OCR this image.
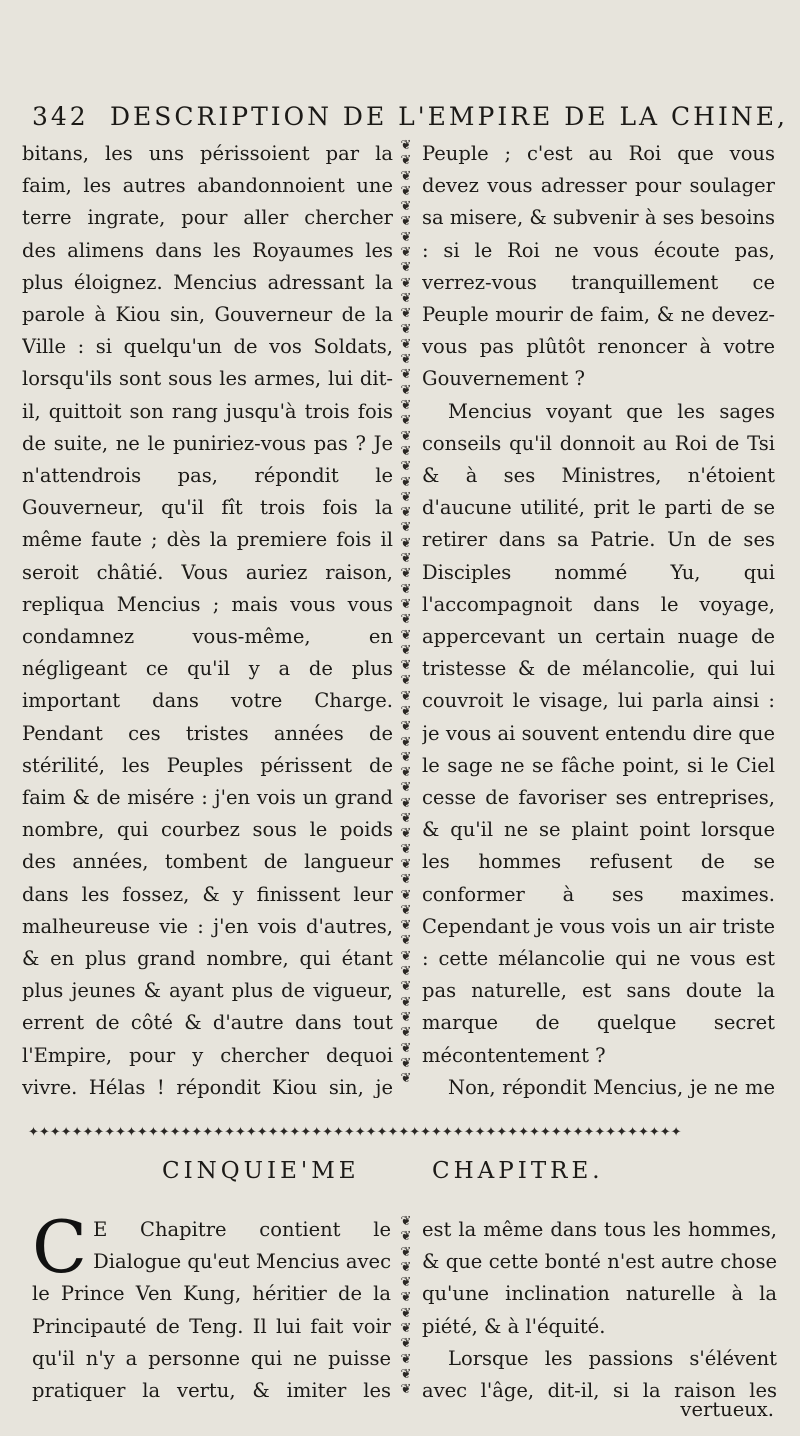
342 DESCRIPTION DE L'EMPIRE DE LA CHINE,

bitans, les uns périssoient par la faim, les autres abandonnoient une terre ingrate, pour aller chercher des alimens dans les Royaumes les plus éloignez. Mencius adressant la parole à Kiou sin, Gouverneur de la Ville : si quelqu'un de vos Soldats, lorsqu'ils sont sous les armes, lui dit-il, quittoit son rang jusqu'à trois fois de suite, ne le puniriez-vous pas ? Je n'attendrois pas, répondit le Gouverneur, qu'il fît trois fois la même faute ; dès la premiere fois il seroit châtié. Vous auriez raison, repliqua Mencius ; mais vous vous condamnez vous-même, en négligeant ce qu'il y a de plus important dans votre Charge. Pendant ces tristes années de stérilité, les Peuples périssent de faim & de misére : j'en vois un grand nombre, qui courbez sous le poids des années, tombent de langueur dans les fossez, & y finissent leur malheureuse vie : j'en vois d'autres, & en plus grand nombre, qui étant plus jeunes & ayant plus de vigueur, errent de côté & d'autre dans tout l'Empire, pour y chercher dequoi vivre. Hélas ! répondit Kiou sin, je

❦
❦
❦
❦
❦
❦
❦
❦
❦
❦
❦
❦
❦
❦
❦
❦
❦
❦
❦
❦
❦
❦
❦
❦
❦
❦
❦
❦
❦
❦
❦
❦
❦
❦
❦
❦
❦
❦
❦
❦
❦
❦
❦
❦
❦
❦
❦
❦
❦
❦
❦
❦
❦
❦
❦
❦
❦
❦
❦
❦
❦
❦

Peuple ; c'est au Roi que vous devez vous adresser pour soulager sa misere, & subvenir à ses besoins : si le Roi ne vous écoute pas, verrez-vous tranquillement ce Peuple mourir de faim, & ne devez-vous pas plûtôt renoncer à votre Gouvernement ?

Mencius voyant que les sages conseils qu'il donnoit au Roi de Tsi & à ses Ministres, n'étoient d'aucune utilité, prit le parti de se retirer dans sa Patrie. Un de ses Disciples nommé Yu, qui l'accompagnoit dans le voyage, appercevant un certain nuage de tristesse & de mélancolie, qui lui couvroit le visage, lui parla ainsi : je vous ai souvent entendu dire que le sage ne se fâche point, si le Ciel cesse de favoriser ses entreprises, & qu'il ne se plaint point lorsque les hommes refusent de se conformer à ses maximes. Cependant je vous vois un air triste : cette mélancolie qui ne vous est pas naturelle, est sans doute la marque de quelque secret mécontentement ?

Non, répondit Mencius, je ne me

✦✦✦✦✦✦✦✦✦✦✦✦✦✦✦✦✦✦✦✦✦✦✦✦✦✦✦✦✦✦✦✦✦✦✦✦✦✦✦✦✦✦✦✦✦✦✦✦✦✦✦✦✦✦✦✦✦✦✦✦
CINQUIE'ME	CHAPITRE.
C E Chapitre contient le Dialogue qu'eut Mencius avec le Prince Ven Kung, héritier de la Principauté de Teng. Il lui fait voir qu'il n'y a personne qui ne puisse pratiquer la vertu, & imiter les

❦
❦
❦
❦
❦
❦
❦
❦
❦
❦
❦
❦

est la même dans tous les hommes, & que cette bonté n'est autre chose qu'une inclination naturelle à la piété, & à l'équité.

Lorsque les passions s'élévent avec l'âge, dit-il, si la raison les

vertueux.
